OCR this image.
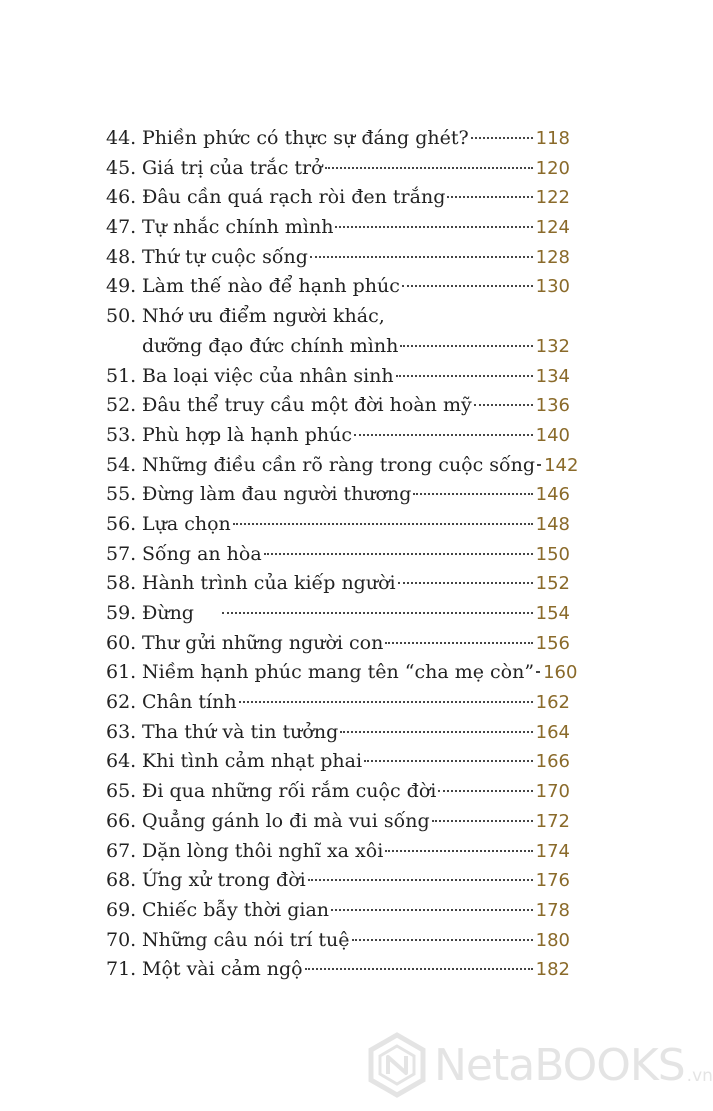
44. Phiền phức có thực sự đáng ghét?	118
45. Giá trị của trắc trở	120
46. Đâu cần quá rạch ròi đen trắng	122
47. Tự nhắc chính mình	124
48. Thứ tự cuộc sống	128
49. Làm thế nào để hạnh phúc	130
50. Nhớ ưu điểm người khác,
dưỡng đạo đức chính mình	132
51. Ba loại việc của nhân sinh	134
52. Đâu thể truy cầu một đời hoàn mỹ	136
53. Phù hợp là hạnh phúc	140
54. Những điều cần rõ ràng trong cuộc sống 142
55. Đừng làm đau người thương	146
56. Lựa chọn	148
57. Sống an hòa	150
58. Hành trình của kiếp người	152
59. Đừng	154
60. Thư gửi những người con	156
61. Niềm hạnh phúc mang tên “cha mẹ còn” 160
62. Chân tính	162
63. Tha thứ và tin tưởng	164
64. Khi tình cảm nhạt phai	166
65. Đi qua những rối rắm cuộc đời	170
66. Quẳng gánh lo đi mà vui sống	172
67. Dặn lòng thôi nghĩ xa xôi	174
68. Ứng xử trong đời	176
69. Chiếc bẫy thời gian	178
70. Những câu nói trí tuệ	180
71. Một vài cảm ngộ	182
NetaBOOKS .vn
